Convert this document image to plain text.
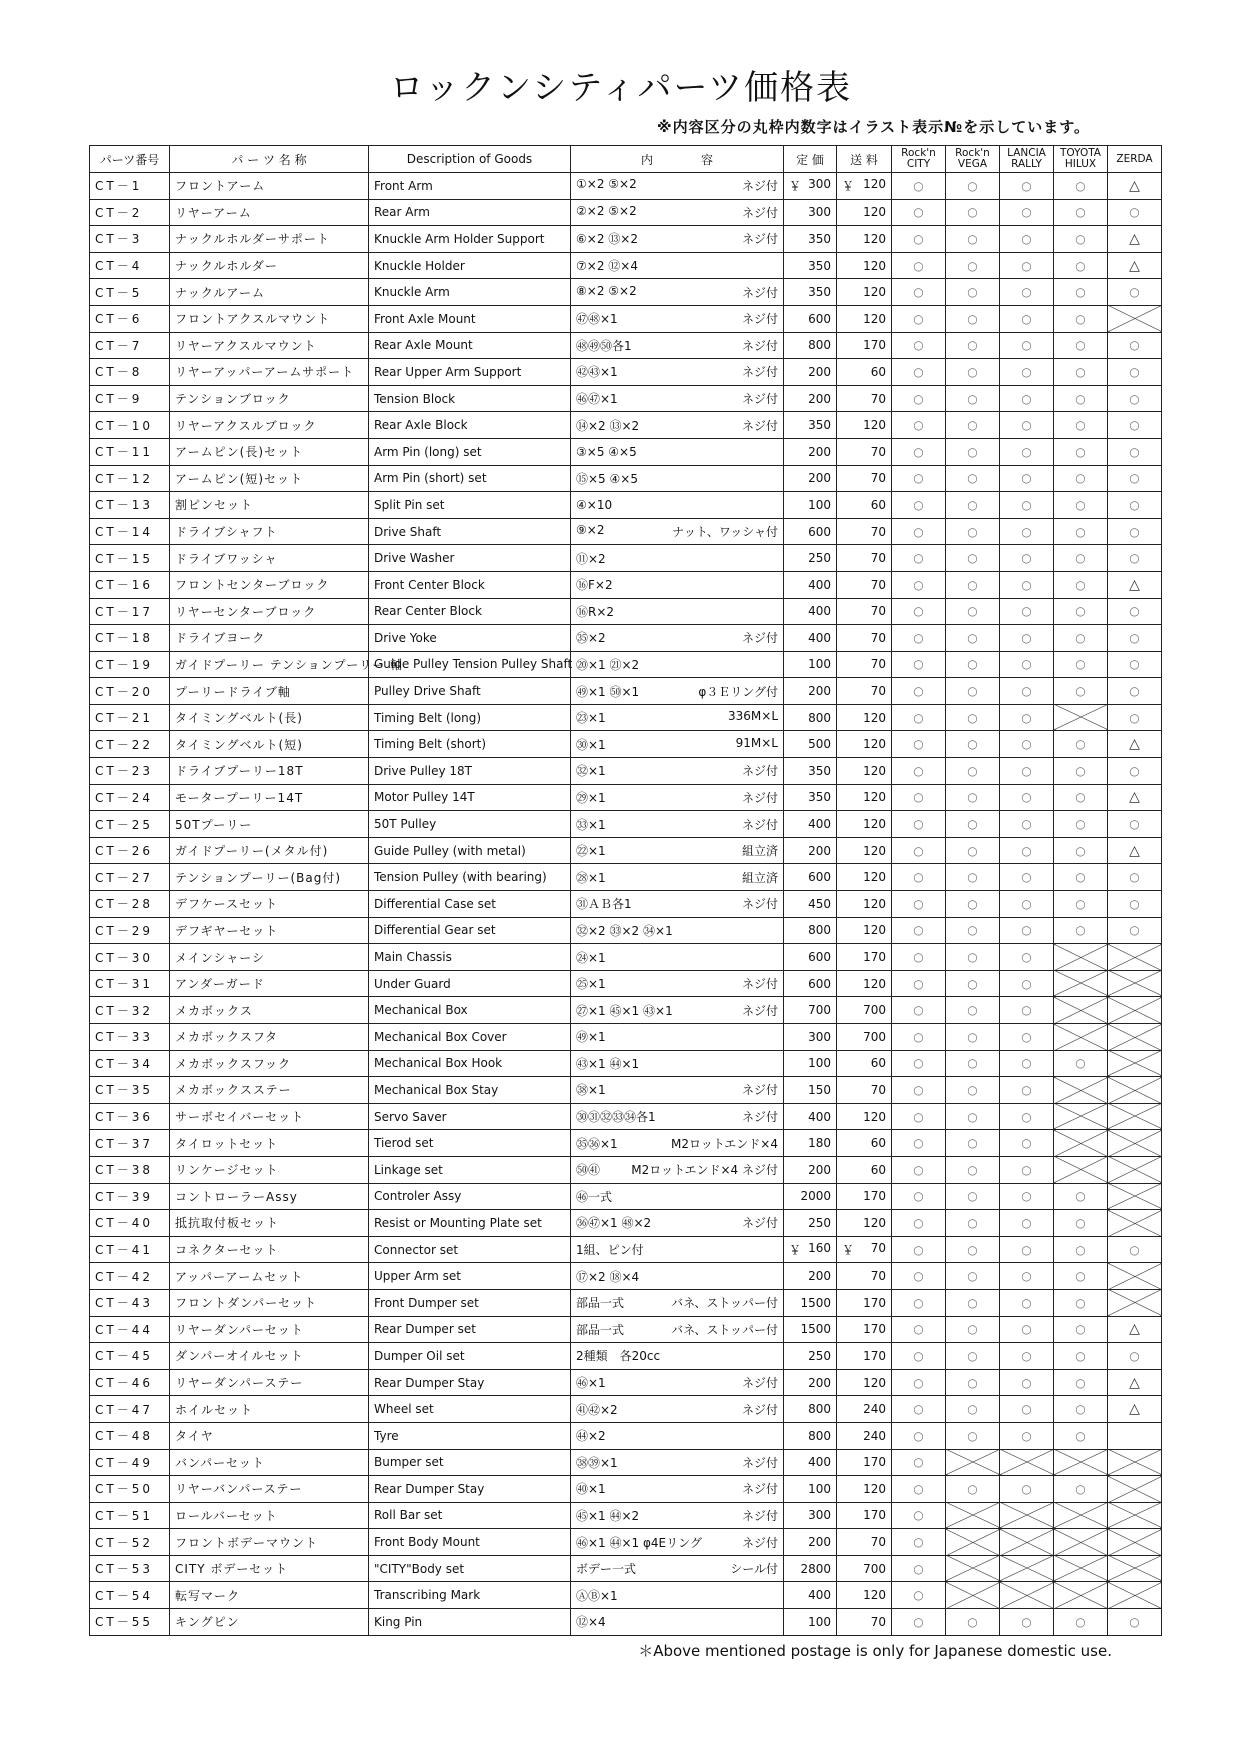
ロックンシティパーツ価格表
※内容区分の丸枠内数字はイラスト表示№を示しています。
パーツ番号	パ ー ツ 名 称	Description of Goods	内　　　　容	定 価	送 料	Rock'n CITY	Rock'n VEGA	LANCIA RALLY	TOYOTA HILUX	ZERDA
CT－1	フロントアーム	Front Arm	①×2 ⑤×2 ネジ付	￥ 300	￥ 120	○	○	○	○	△
CT－2	リヤーアーム	Rear Arm	②×2 ⑤×2 ネジ付	300	120	○	○	○	○	○
CT－3	ナックルホルダーサポート	Knuckle Arm Holder Support	⑥×2 ⑬×2 ネジ付	350	120	○	○	○	○	△
CT－4	ナックルホルダー	Knuckle Holder	⑦×2 ⑫×4	350	120	○	○	○	○	△
CT－5	ナックルアーム	Knuckle Arm	⑧×2 ⑤×2 ネジ付	350	120	○	○	○	○	○
CT－6	フロントアクスルマウント	Front Axle Mount	㊼㊽×1 ネジ付	600	120	○	○	○	○	
CT－7	リヤーアクスルマウント	Rear Axle Mount	㊽㊾㊿各1 ネジ付	800	170	○	○	○	○	○
CT－8	リヤーアッパーアームサポート	Rear Upper Arm Support	㊷㊸×1 ネジ付	200	60	○	○	○	○	○
CT－9	テンションブロック	Tension Block	㊻㊼×1 ネジ付	200	70	○	○	○	○	○
CT－10	リヤーアクスルブロック	Rear Axle Block	⑭×2 ⑬×2 ネジ付	350	120	○	○	○	○	○
CT－11	アームピン(長)セット	Arm Pin (long) set	③×5 ④×5	200	70	○	○	○	○	○
CT－12	アームピン(短)セット	Arm Pin (short) set	⑮×5 ④×5	200	70	○	○	○	○	○
CT－13	割ピンセット	Split Pin set	④×10	100	60	○	○	○	○	○
CT－14	ドライブシャフト	Drive Shaft	⑨×2 ナット、ワッシャ付	600	70	○	○	○	○	○
CT－15	ドライブワッシャ	Drive Washer	⑪×2	250	70	○	○	○	○	○
CT－16	フロントセンターブロック	Front Center Block	⑯F×2	400	70	○	○	○	○	△
CT－17	リヤーセンターブロック	Rear Center Block	⑯R×2	400	70	○	○	○	○	○
CT－18	ドライブヨーク	Drive Yoke	㉟×2 ネジ付	400	70	○	○	○	○	○
CT－19	ガイドプーリー テンションプーリー 軸	Guide Pulley Tension Pulley Shaft	⑳×1 ㉑×2	100	70	○	○	○	○	○
CT－20	プーリードライブ軸	Pulley Drive Shaft	㊾×1 ㊿×1 φ３Ｅリング付	200	70	○	○	○	○	○
CT－21	タイミングベルト(長)	Timing Belt (long)	㉓×1 336M×L	800	120	○	○	○		○
CT－22	タイミングベルト(短)	Timing Belt (short)	㉚×1 91M×L	500	120	○	○	○	○	△
CT－23	ドライブプーリー18T	Drive Pulley 18T	㉜×1 ネジ付	350	120	○	○	○	○	○
CT－24	モータープーリー14T	Motor Pulley 14T	㉙×1 ネジ付	350	120	○	○	○	○	△
CT－25	50Tプーリー	50T Pulley	㉝×1 ネジ付	400	120	○	○	○	○	○
CT－26	ガイドプーリー(メタル付)	Guide Pulley (with metal)	㉒×1 組立済	200	120	○	○	○	○	△
CT－27	テンションプーリー(Bag付)	Tension Pulley (with bearing)	㉘×1 組立済	600	120	○	○	○	○	○
CT－28	デフケースセット	Differential Case set	㉛ＡＢ各1 ネジ付	450	120	○	○	○	○	○
CT－29	デフギヤーセット	Differential Gear set	㉜×2 ㉝×2 ㉞×1	800	120	○	○	○	○	○
CT－30	メインシャーシ	Main Chassis	㉔×1	600	170	○	○	○		
CT－31	アンダーガード	Under Guard	㉕×1 ネジ付	600	120	○	○	○		
CT－32	メカボックス	Mechanical Box	㉗×1 ㊺×1 ㊸×1 ネジ付	700	700	○	○	○		
CT－33	メカボックスフタ	Mechanical Box Cover	㊾×1	300	700	○	○	○		
CT－34	メカボックスフック	Mechanical Box Hook	㊸×1 ㊹×1	100	60	○	○	○	○	
CT－35	メカボックスステー	Mechanical Box Stay	㊳×1 ネジ付	150	70	○	○	○		
CT－36	サーボセイバーセット	Servo Saver	㉚㉛㉜㉝㉞各1 ネジ付	400	120	○	○	○		
CT－37	タイロットセット	Tierod set	㉟㊱×1 M2ロットエンド×4	180	60	○	○	○		
CT－38	リンケージセット	Linkage set	㊿㊶ M2ロットエンド×4 ネジ付	200	60	○	○	○		
CT－39	コントローラーAssy	Controler Assy	㊻一式	2000	170	○	○	○	○	
CT－40	抵抗取付板セット	Resist or Mounting Plate set	㊱㊼×1 ㊽×2 ネジ付	250	120	○	○	○	○	
CT－41	コネクターセット	Connector set	1組、ピン付	￥ 160	￥ 70	○	○	○	○	○
CT－42	アッパーアームセット	Upper Arm set	⑰×2 ⑱×4	200	70	○	○	○	○	
CT－43	フロントダンパーセット	Front Dumper set	部品一式 バネ、ストッパー付	1500	170	○	○	○	○	
CT－44	リヤーダンパーセット	Rear Dumper set	部品一式 バネ、ストッパー付	1500	170	○	○	○	○	△
CT－45	ダンパーオイルセット	Dumper Oil set	2種類　各20cc	250	170	○	○	○	○	○
CT－46	リヤーダンパーステー	Rear Dumper Stay	㊻×1 ネジ付	200	120	○	○	○	○	△
CT－47	ホイルセット	Wheel set	㊶㊷×2 ネジ付	800	240	○	○	○	○	△
CT－48	タイヤ	Tyre	㊹×2	800	240	○	○	○	○	
CT－49	バンパーセット	Bumper set	㊳㊴×1 ネジ付	400	170	○				
CT－50	リヤーバンパーステー	Rear Dumper Stay	㊵×1 ネジ付	100	120	○	○	○	○	
CT－51	ロールバーセット	Roll Bar set	㊺×1 ㊹×2 ネジ付	300	170	○				
CT－52	フロントボデーマウント	Front Body Mount	㊻×1 ㊹×1 φ4Eリング ネジ付	200	70	○				
CT－53	CITY ボデーセット	"CITY"Body set	ボデー一式 シール付	2800	700	○				
CT－54	転写マーク	Transcribing Mark	ⒶⒷ×1	400	120	○				
CT－55	キングピン	King Pin	⑫×4	100	70	○	○	○	○	○
＊Above mentioned postage is only for Japanese domestic use.
